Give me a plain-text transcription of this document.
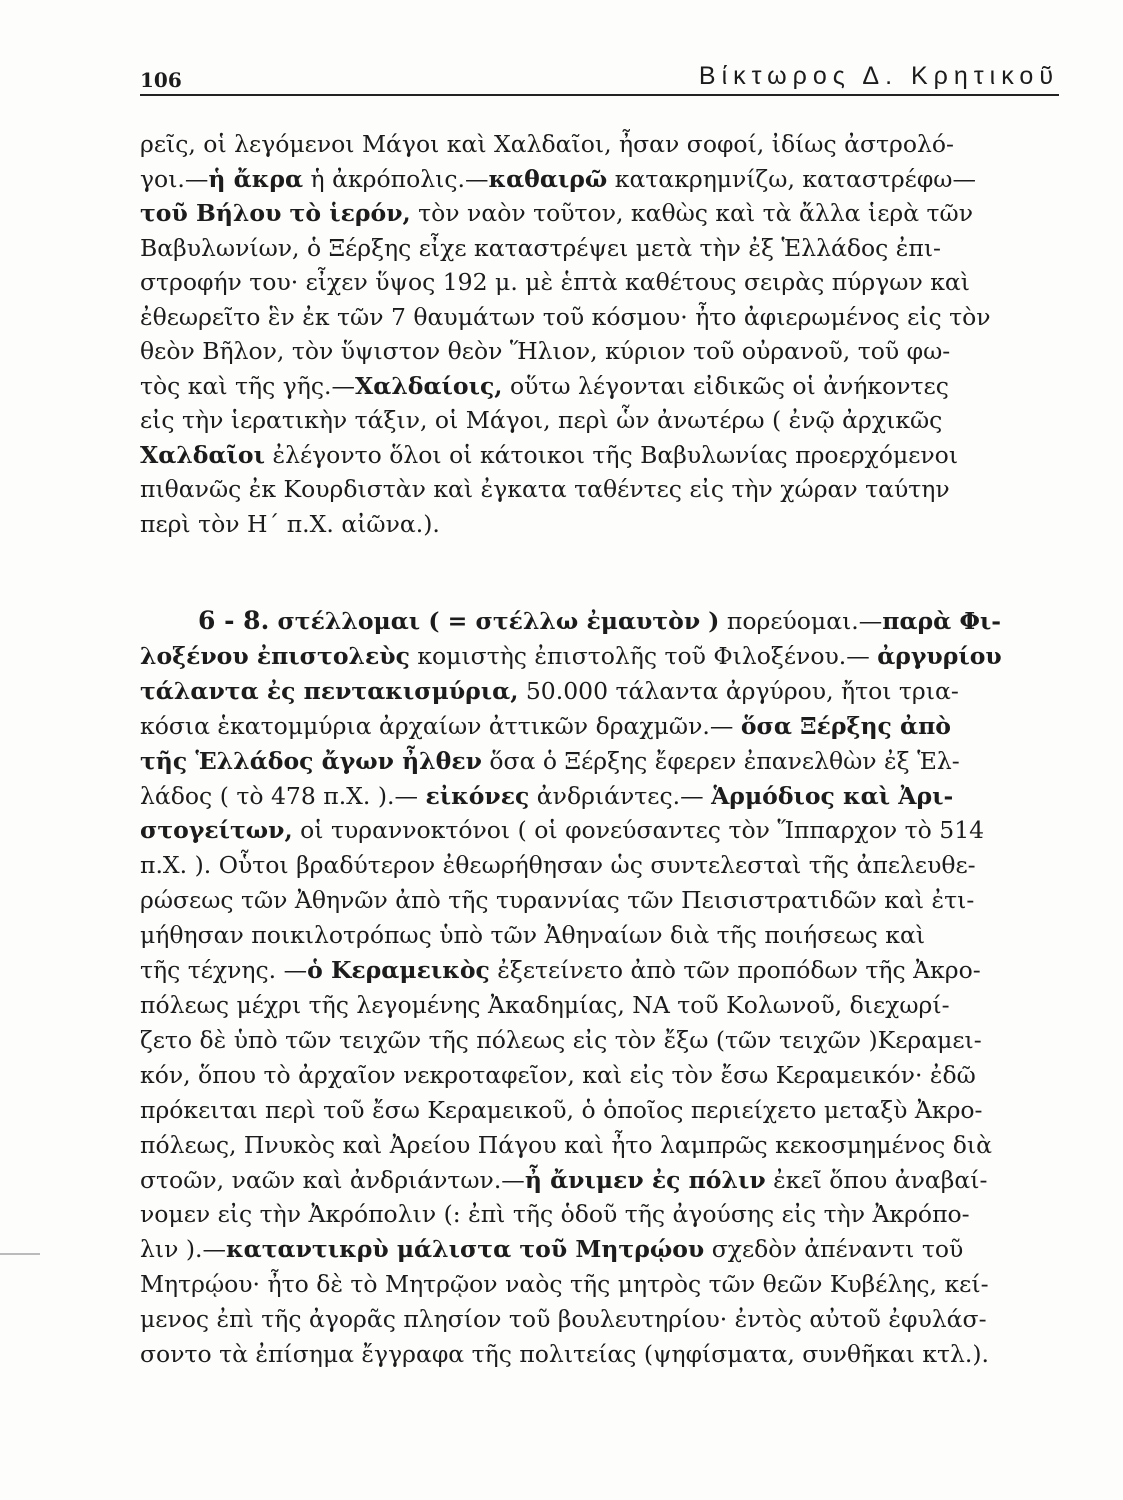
106	Βίκτωρος Δ. Κρητικοῦ
ρεῖς, οἱ λεγόμενοι Μάγοι καὶ Χαλδαῖοι, ἦσαν σοφοί, ἰδίως ἀστρολό-
γοι.—ἡ ἄκρα ἡ ἀκρόπολις.—καθαιρῶ κατακρημνίζω, καταστρέφω—
τοῦ Βήλου τὸ ἱερόν, τὸν ναὸν τοῦτον, καθὼς καὶ τὰ ἄλλα ἱερὰ τῶν
Βαβυλωνίων, ὁ Ξέρξης εἶχε καταστρέψει μετὰ τὴν ἐξ Ἑλλάδος ἐπι-
στροφήν του· εἶχεν ὕψος 192 μ. μὲ ἑπτὰ καθέτους σειρὰς πύργων καὶ
ἐθεωρεῖτο ἓν ἐκ τῶν 7 θαυμάτων τοῦ κόσμου· ἦτο ἀφιερωμένος εἰς τὸν
θεὸν Βῆλον, τὸν ὕψιστον θεὸν Ἥλιον, κύριον τοῦ οὐρανοῦ, τοῦ φω-
τὸς καὶ τῆς γῆς.—Χαλδαίοις, οὕτω λέγονται εἰδικῶς οἱ ἀνήκοντες
εἰς τὴν ἱερατικὴν τάξιν, οἱ Μάγοι, περὶ ὧν ἀνωτέρω ( ἐνῷ ἀρχικῶς
Χαλδαῖοι ἐλέγοντο ὅλοι οἱ κάτοικοι τῆς Βαβυλωνίας προερχόμενοι
πιθανῶς ἐκ Κουρδιστὰν καὶ ἐγκατα ταθέντες εἰς τὴν χώραν ταύτην
περὶ τὸν Η΄ π.Χ. αἰῶνα.).
6 - 8. στέλλομαι ( = στέλλω ἐμαυτὸν ) πορεύομαι.—παρὰ Φι-
λοξένου ἐπιστολεὺς κομιστὴς ἐπιστολῆς τοῦ Φιλοξένου.— ἀργυρίου
τάλαντα ἐς πεντακισμύρια, 50.000 τάλαντα ἀργύρου, ἤτοι τρια-
κόσια ἑκατομμύρια ἀρχαίων ἀττικῶν δραχμῶν.— ὅσα Ξέρξης ἀπὸ
τῆς Ἑλλάδος ἄγων ἦλθεν ὅσα ὁ Ξέρξης ἔφερεν ἐπανελθὼν ἐξ Ἑλ-
λάδος ( τὸ 478 π.Χ. ).— εἰκόνες ἀνδριάντες.— Ἁρμόδιος καὶ Ἀρι-
στογείτων, οἱ τυραννοκτόνοι ( οἱ φονεύσαντες τὸν Ἵππαρχον τὸ 514
π.Χ. ). Οὗτοι βραδύτερον ἐθεωρήθησαν ὡς συντελεσταὶ τῆς ἀπελευθε-
ρώσεως τῶν Ἀθηνῶν ἀπὸ τῆς τυραννίας τῶν Πεισιστρατιδῶν καὶ ἐτι-
μήθησαν ποικιλοτρόπως ὑπὸ τῶν Ἀθηναίων διὰ τῆς ποιήσεως καὶ
τῆς τέχνης. —ὁ Κεραμεικὸς ἐξετείνετο ἀπὸ τῶν προπόδων τῆς Ἀκρο-
πόλεως μέχρι τῆς λεγομένης Ἀκαδημίας, ΝΑ τοῦ Κολωνοῦ, διεχωρί-
ζετο δὲ ὑπὸ τῶν τειχῶν τῆς πόλεως εἰς τὸν ἔξω (τῶν τειχῶν )Κεραμει-
κόν, ὅπου τὸ ἀρχαῖον νεκροταφεῖον, καὶ εἰς τὸν ἔσω Κεραμεικόν· ἐδῶ
πρόκειται περὶ τοῦ ἔσω Κεραμεικοῦ, ὁ ὁποῖος περιείχετο μεταξὺ Ἀκρο-
πόλεως, Πνυκὸς καὶ Ἀρείου Πάγου καὶ ἦτο λαμπρῶς κεκοσμημένος διὰ
στοῶν, ναῶν καὶ ἀνδριάντων.—ἦ ἄνιμεν ἐς πόλιν ἐκεῖ ὅπου ἀναβαί-
νομεν εἰς τὴν Ἀκρόπολιν (: ἐπὶ τῆς ὁδοῦ τῆς ἀγούσης εἰς τὴν Ἀκρόπο-
λιν ).—καταντικρὺ μάλιστα τοῦ Μητρῴου σχεδὸν ἀπέναντι τοῦ
Μητρῴου· ἦτο δὲ τὸ Μητρῷον ναὸς τῆς μητρὸς τῶν θεῶν Κυβέλης, κεί-
μενος ἐπὶ τῆς ἀγορᾶς πλησίον τοῦ βουλευτηρίου· ἐντὸς αὐτοῦ ἐφυλάσ-
σοντο τὰ ἐπίσημα ἔγγραφα τῆς πολιτείας (ψηφίσματα, συνθῆκαι κτλ.).
